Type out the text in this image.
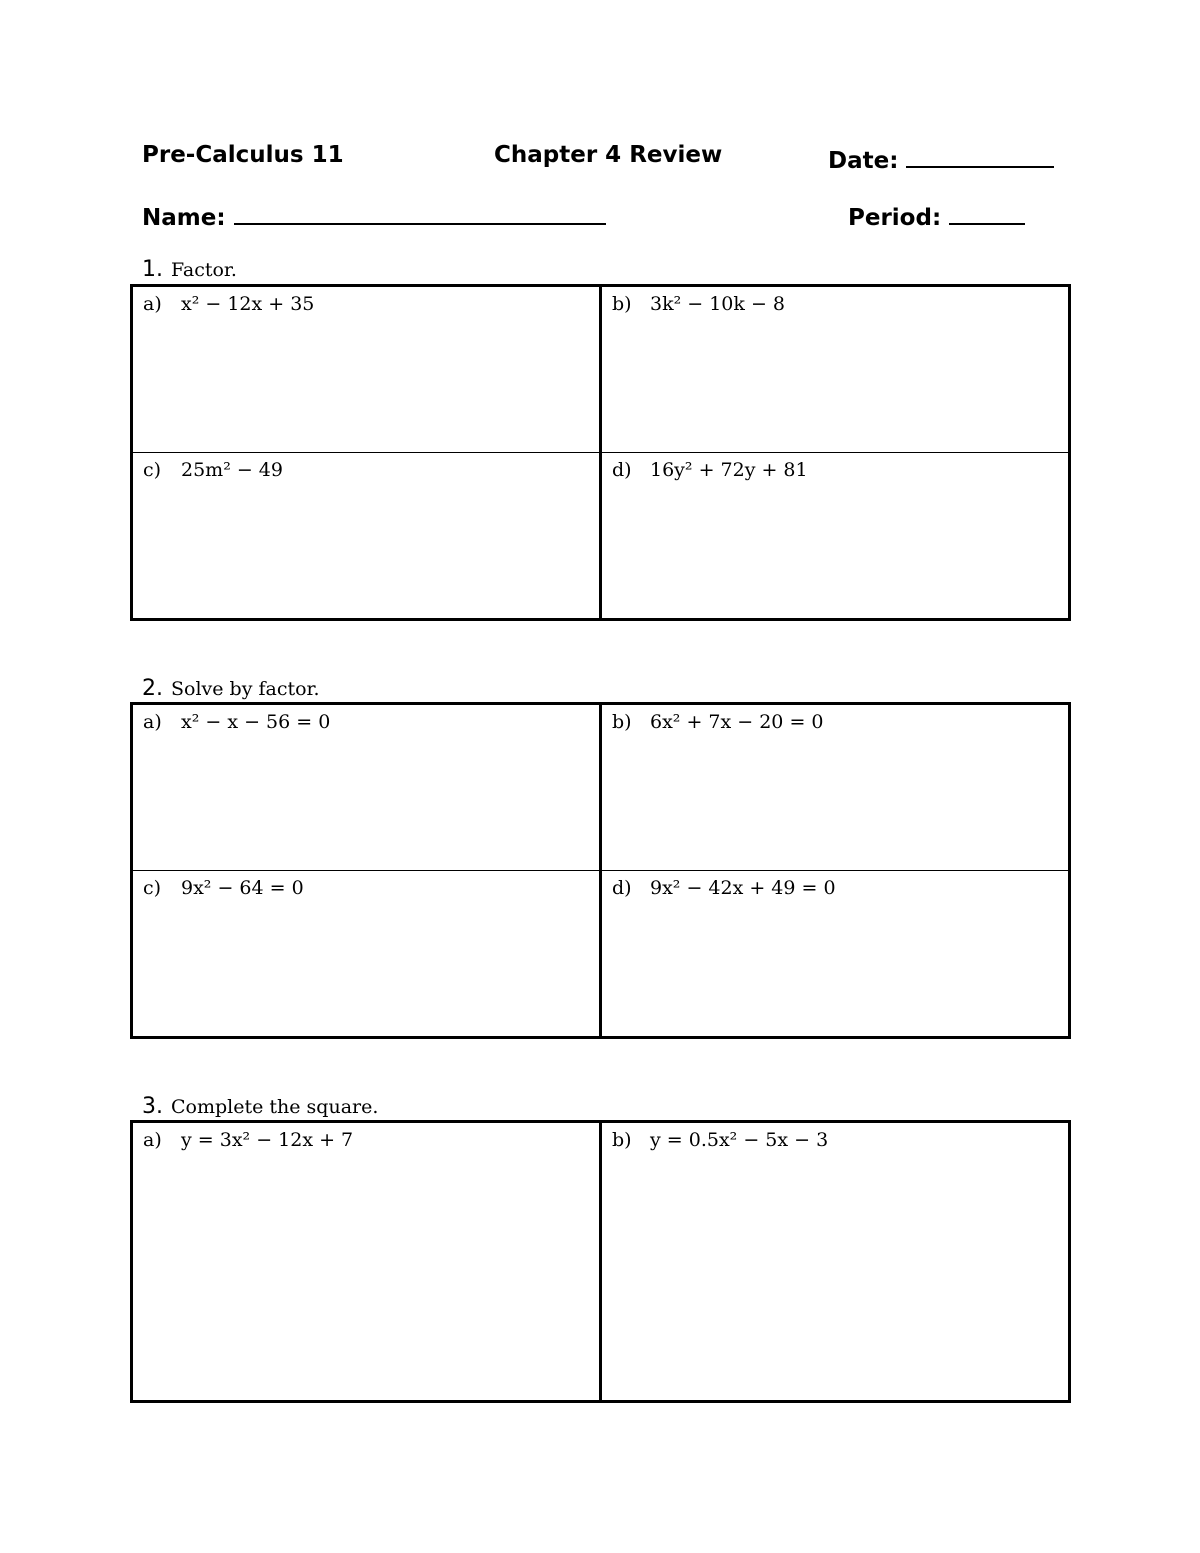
Pre-Calculus 11	Chapter 4 Review	Date:
Name:	Period:
1. Factor.
a) x² − 12x + 35	b) 3k² − 10k − 8
c) 25m² − 49	d) 16y² + 72y + 81
2. Solve by factor.
a) x² − x − 56 = 0	b) 6x² + 7x − 20 = 0
c) 9x² − 64 = 0	d) 9x² − 42x + 49 = 0
3. Complete the square.
a) y = 3x² − 12x + 7	b) y = 0.5x² − 5x − 3
